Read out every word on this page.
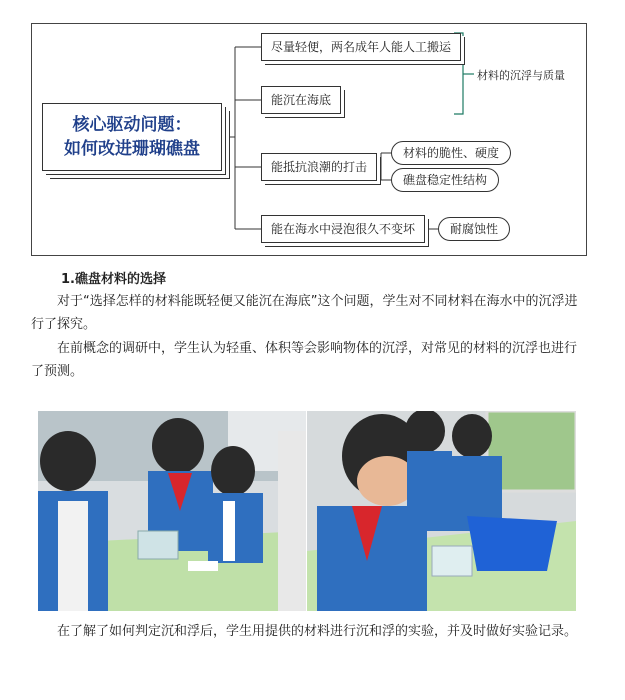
核心驱动问题：
如何改进珊瑚礁盘
尽量轻便，两名成年人能人工搬运
能沉在海底
能抵抗浪潮的打击
能在海水中浸泡很久不变坏
材料的沉浮与质量
材料的脆性、硬度
礁盘稳定性结构
耐腐蚀性
1.礁盘材料的选择

对于“选择怎样的材料能既轻便又能沉在海底”这个问题，学生对不同材料在海水中的沉浮进行了探究。

在前概念的调研中，学生认为轻重、体积等会影响物体的沉浮，对常见的材料的沉浮也进行了预测。

在了解了如何判定沉和浮后，学生用提供的材料进行沉和浮的实验，并及时做好实验记录。
